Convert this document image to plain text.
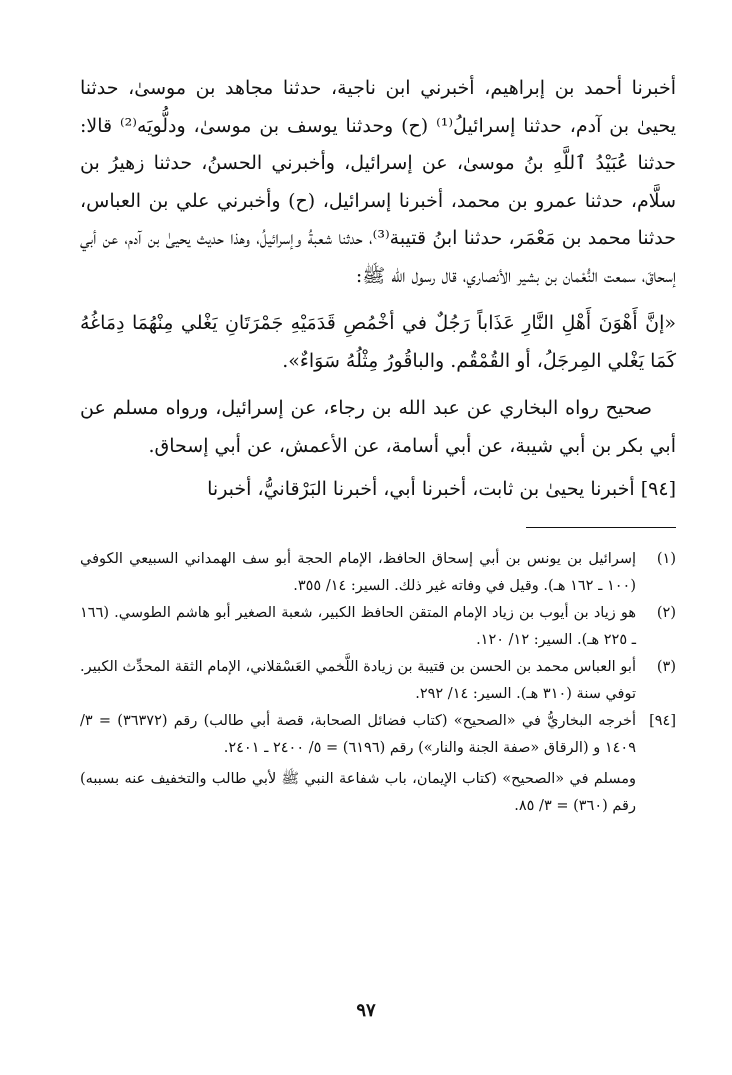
أخبرنا أحمد بن إبراهيم، أخبرني ابن ناجية، حدثنا مجاهد بن موسىٰ، حدثنا يحيىٰ بن آدم، حدثنا إسرائيلُ⁽¹⁾ (ح) وحدثنا يوسف بن موسىٰ، ودلُّويَه⁽²⁾ قالا: حدثنا عُبَيْدُ ٱللَّهِ بنُ موسىٰ، عن إسرائيل، وأخبرني الحسنُ، حدثنا زهيرُ بن سلَّام، حدثنا عمرو بن محمد، أخبرنا إسرائيل، (ح) وأخبرني علي بن العباس، حدثنا محمد بن مَعْمَر، حدثنا ابنُ قتيبة⁽³⁾، حدثنا شعبةُ وإسرائيلُ، وهذا حديث يحيىٰ بن آدم، عن أبي إسحاقَ، سمعت النُّعْمان بن بشير الأنصاري، قال رسول الله ﷺ:

«إنَّ أَهْوَنَ أَهْلِ النَّارِ عَذَاباً رَجُلٌ في أخْمُصِ قَدَمَيْهِ جَمْرَتَانِ يَغْلي مِنْهُمَا دِمَاغُهُ كَمَا يَغْلي المِرجَلُ، أو القُمْقُم. والباقُورُ مِثْلُهُ سَوَاءٌ».

صحيح رواه البخاري عن عبد الله بن رجاء، عن إسرائيل، ورواه مسلم عن أبي بكر بن أبي شيبة، عن أبي أسامة، عن الأعمش، عن أبي إسحاق.

[٩٤] أخبرنا يحيىٰ بن ثابت، أخبرنا أبي، أخبرنا البَرْقانيُّ، أخبرنا

(١)
إسرائيل بن يونس بن أبي إسحاق الحافظ، الإمام الحجة أبو سف الهمداني السبيعي الكوفي (١٠٠ ـ ١٦٢ هـ). وقيل في وفاته غير ذلك. السير: ١٤/ ٣٥٥.
(٢)
هو زياد بن أيوب بن زياد الإمام المتقن الحافظ الكبير، شعبة الصغير أبو هاشم الطوسي. (١٦٦ ـ ٢٢٥ هـ). السير: ١٢/ ١٢٠.
(٣)
أبو العباس محمد بن الحسن بن قتيبة بن زيادة اللَّخمي العَسْقلاني، الإمام الثقة المحدِّث الكبير. توفي سنة (٣١٠ هـ). السير: ١٤/ ٢٩٢.
[٩٤]
أخرجه البخاريُّ في «الصحيح» (كتاب فضائل الصحابة، قصة أبي طالب) رقم (٣٦٣٧٢) = ٣/ ١٤٠٩ و (الرقاق «صفة الجنة والنار») رقم (٦١٩٦) = ٥/ ٢٤٠٠ ـ ٢٤٠١.
ومسلم في «الصحيح» (كتاب الإيمان، باب شفاعة النبي ﷺ لأبي طالب والتخفيف عنه بسببه) رقم (٣٦٠) = ٣/ ٨٥.
٩٧
